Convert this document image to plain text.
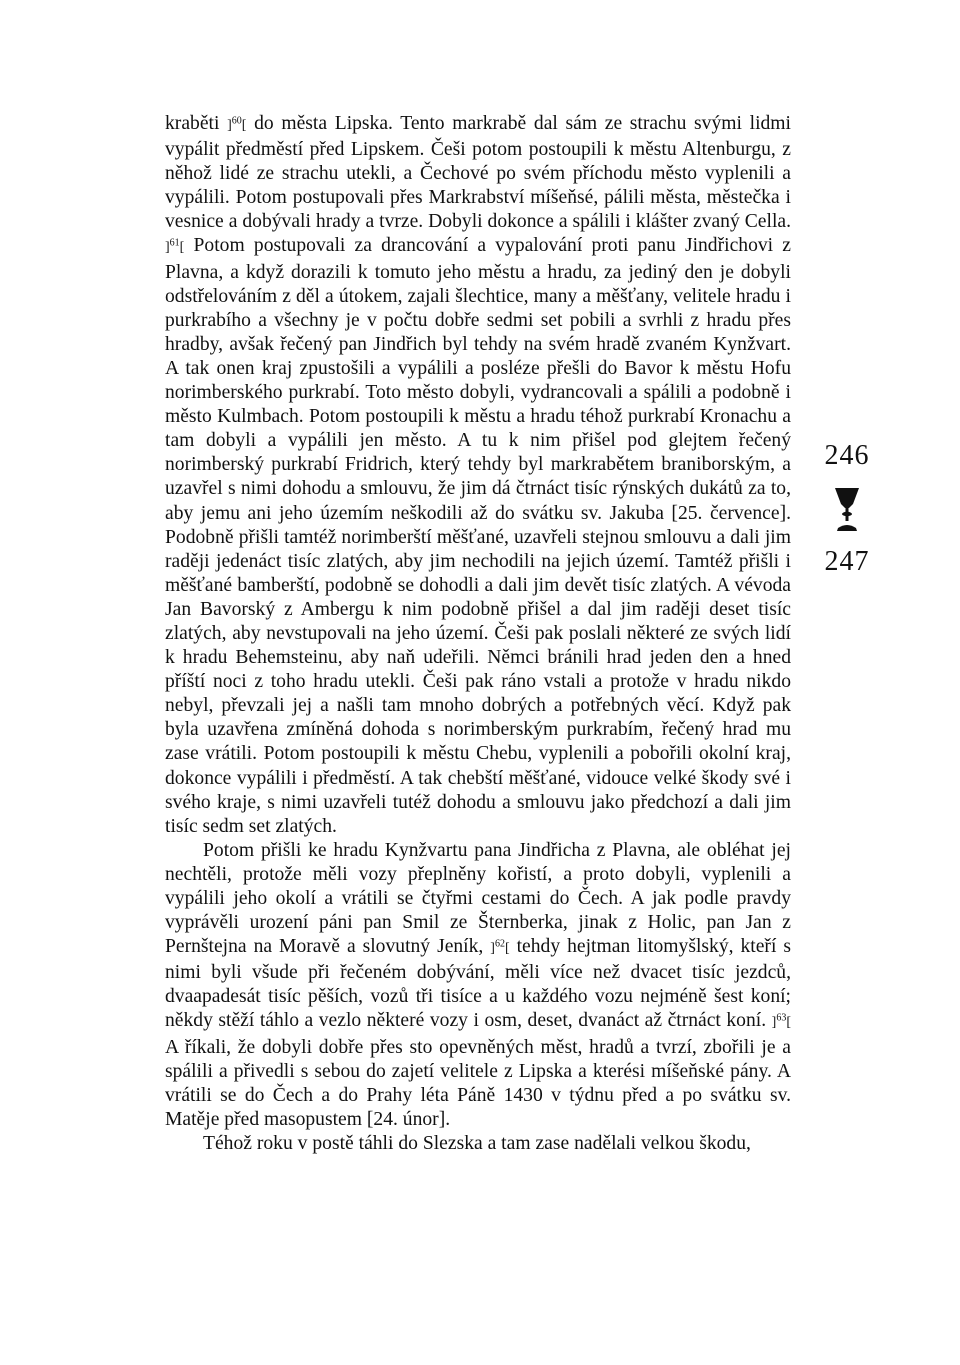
kraběti ]$^{60}$[ do města Lipska. Tento markrabě dal sám ze strachu svými lidmi vypálit předměstí před Lipskem. Češi potom postoupili k městu Altenburgu, z něhož lidé ze strachu utekli, a Čechové po svém příchodu město vyplenili a vypálili. Potom postupovali přes Markrabství míšeňsé, pálili města, městečka i vesnice a dobývali hrady a tvrze. Dobyli dokonce a spálili i klášter zvaný Cella. ]$^{61}$[ Potom postupovali za drancování a vypalování proti panu Jindřichovi z Plavna, a když dorazili k tomuto jeho městu a hradu, za jediný den je dobyli odstřelováním z děl a útokem, zajali šlechtice, many a měšťany, velitele hradu i purkrabího a všechny je v počtu dobře sedmi set pobili a svrhli z hradu přes hradby, avšak řečený pan Jindřich byl tehdy na svém hradě zvaném Kynžvart. A tak onen kraj zpustošili a vypálili a posléze přešli do Bavor k městu Hofu norimberského purkrabí. Toto město dobyli, vydrancovali a spálili a podobně i město Kulmbach. Potom postoupili k městu a hradu téhož purkrabí Kronachu a tam dobyli a vypálili jen město. A tu k nim přišel pod glejtem řečený norimberský purkrabí Fridrich, který tehdy byl markrabětem braniborským, a uzavřel s nimi dohodu a smlouvu, že jim dá čtrnáct tisíc rýnských dukátů za to, aby jemu ani jeho územím neškodili až do svátku sv. Jakuba [25. července]. Podobně přišli tamtéž norimberští měšťané, uzavřeli stejnou smlouvu a dali jim raději jedenáct tisíc zlatých, aby jim nechodili na jejich území. Tamtéž přišli i měšťané bamberští, podobně se dohodli a dali jim devět tisíc zlatých. A vévoda Jan Bavorský z Ambergu k nim podobně přišel a dal jim raději deset tisíc zlatých, aby nevstupovali na jeho území. Češi pak poslali některé ze svých lidí k hradu Behemsteinu, aby naň udeřili. Němci bránili hrad jeden den a hned příští noci z toho hradu utekli. Češi pak ráno vstali a protože v hradu nikdo nebyl, převzali jej a našli tam mnoho dobrých a potřebných věcí. Když pak byla uzavřena zmíněná dohoda s norimberským purkrabím, řečený hrad mu zase vrátili. Potom postoupili k městu Chebu, vyplenili a pobořili okolní kraj, dokonce vypálili i předměstí. A tak chebští měšťané, vidouce velké škody své i svého kraje, s nimi uzavřeli tutéž dohodu a smlouvu jako předchozí a dali jim tisíc sedm set zlatých.

Potom přišli ke hradu Kynžvartu pana Jindřicha z Plavna, ale obléhat jej nechtěli, protože měli vozy přeplněny kořistí, a proto dobyli, vyplenili a vypálili jeho okolí a vrátili se čtyřmi cestami do Čech. A jak podle pravdy vyprávěli urození páni pan Smil ze Šternberka, jinak z Holic, pan Jan z Pernštejna na Moravě a slovutný Jeník, ]$^{62}$[ tehdy hejtman litomyšlský, kteří s nimi byli všude při řečeném dobývání, měli více než dvacet tisíc jezdců, dvaapadesát tisíc pěších, vozů tři tisíce a u každého vozu nejméně šest koní; někdy stěží táhlo a vezlo některé vozy i osm, deset, dvanáct až čtrnáct koní. ]$^{63}$[ A říkali, že dobyli dobře přes sto opevněných měst, hradů a tvrzí, zbořili je a spálili a přivedli s sebou do zajetí velitele z Lipska a kterési míšeňské pány. A vrátili se do Čech a do Prahy léta Páně 1430 v týdnu před a po svátku sv. Matěje před masopustem [24. únor].

Téhož roku v postě táhli do Slezska a tam zase nadělali velkou škodu,

246
247
